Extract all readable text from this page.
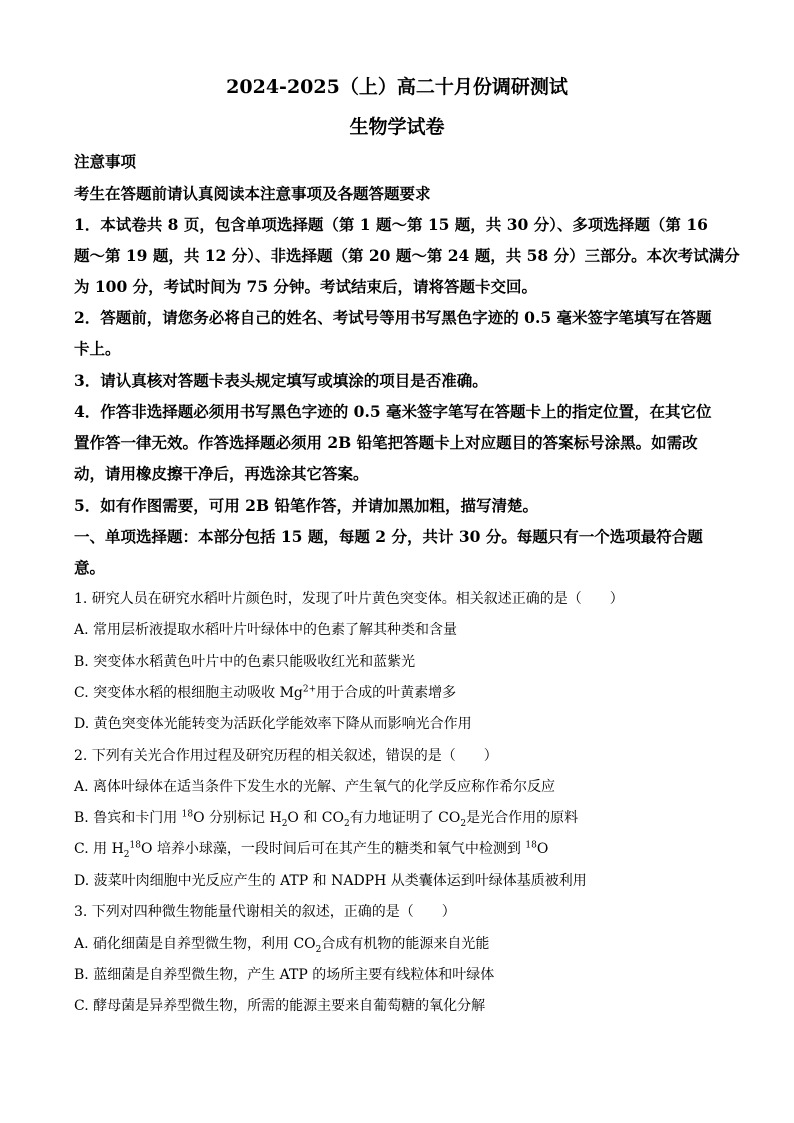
2024-2025（上）高二十月份调研测试
生物学试卷
注意事项
考生在答题前请认真阅读本注意事项及各题答题要求
1．本试卷共 8 页，包含单项选择题（第 1 题～第 15 题，共 30 分）、多项选择题（第 16
题～第 19 题，共 12 分）、非选择题（第 20 题～第 24 题，共 58 分）三部分。本次考试满分
为 100 分，考试时间为 75 分钟。考试结束后，请将答题卡交回。
2．答题前，请您务必将自己的姓名、考试号等用书写黑色字迹的 0.5 毫米签字笔填写在答题
卡上。
3．请认真核对答题卡表头规定填写或填涂的项目是否准确。
4．作答非选择题必须用书写黑色字迹的 0.5 毫米签字笔写在答题卡上的指定位置，在其它位
置作答一律无效。作答选择题必须用 2B 铅笔把答题卡上对应题目的答案标号涂黑。如需改
动，请用橡皮擦干净后，再选涂其它答案。
5．如有作图需要，可用 2B 铅笔作答，并请加黑加粗，描写清楚。
一、单项选择题：本部分包括 15 题，每题 2 分，共计 30 分。每题只有一个选项最符合题
意。
1. 研究人员在研究水稻叶片颜色时，发现了叶片黄色突变体。相关叙述正确的是（　　）
A. 常用层析液提取水稻叶片叶绿体中的色素了解其种类和含量
B. 突变体水稻黄色叶片中的色素只能吸收红光和蓝紫光
C. 突变体水稻的根细胞主动吸收 $Mg^{2+}$用于合成的叶黄素增多
D. 黄色突变体光能转变为活跃化学能效率下降从而影响光合作用
2. 下列有关光合作用过程及研究历程的相关叙述，错误的是（　　）
A. 离体叶绿体在适当条件下发生水的光解、产生氧气的化学反应称作希尔反应
B. 鲁宾和卡门用 $^{18}$O 分别标记 $H_2O$ 和 $CO_2$有力地证明了 $CO_2$是光合作用的原料
C. 用 $H_2^{18}O$ 培养小球藻，一段时间后可在其产生的糖类和氧气中检测到 $^{18}$O
D. 菠菜叶肉细胞中光反应产生的 ATP 和 NADPH 从类囊体运到叶绿体基质被利用
3. 下列对四种微生物能量代谢相关的叙述，正确的是（　　）
A. 硝化细菌是自养型微生物，利用 $CO_2$合成有机物的能源来自光能
B. 蓝细菌是自养型微生物，产生 ATP 的场所主要有线粒体和叶绿体
C. 酵母菌是异养型微生物，所需的能源主要来自葡萄糖的氧化分解
